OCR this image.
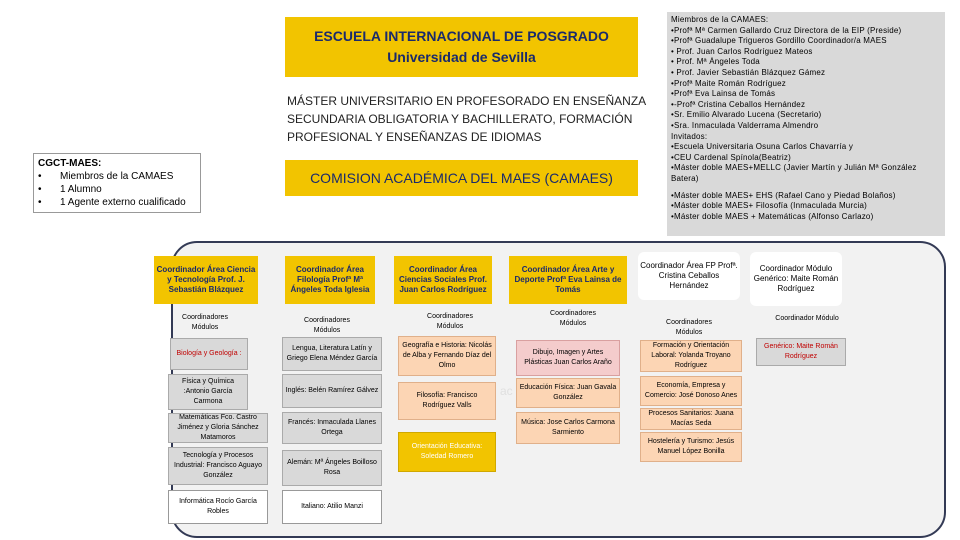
ESCUELA INTERNACIONAL DE POSGRADO
Universidad de Sevilla
MÁSTER UNIVERSITARIO EN PROFESORADO EN ENSEÑANZA
SECUNDARIA OBLIGATORIA Y BACHILLERATO, FORMACIÓN
PROFESIONAL Y ENSEÑANZAS DE IDIOMAS
COMISION ACADÉMICA DEL MAES (CAMAES)
CGCT-MAES:
•	Miembros de la CAMAES
•	1 Alumno
•	1 Agente externo cualificado
Miembros de la CAMAES:
•Profª Mª Carmen Gallardo Cruz Directora de la EIP (Preside)
•Profª Guadalupe Trigueros Gordillo Coordinador/a MAES
• Prof. Juan Carlos Rodríguez Mateos
• Prof. Mª Ángeles Toda
• Prof. Javier Sebastián Blázquez Gámez
•Profª Maite Román Rodríguez
•Profª Eva Lainsa de Tomás
•-Profª Cristina Ceballos Hernández
•Sr. Emilio Alvarado Lucena (Secretario)
•Sra. Inmaculada Valderrama Almendro
Invitados:
•Escuela Universitaria Osuna Carlos Chavarría y
•CEU Cardenal Spínola(Beatriz)
•Máster doble MAES+MELLC (Javier Martín y Julián Mª González
Batera)
•Máster doble MAES+ EHS (Rafael Cano y Piedad Bolaños)
•Máster doble MAES+ Filosofía (Inmaculada Murcia)
•Máster doble MAES + Matemáticas (Alfonso Carlazo)
Coordinador Área Ciencia y Tecnología Prof. J. Sebastián Blázquez
Coordinador Área Filología Profª Mª Ángeles Toda Iglesia
Coordinador Área Ciencias Sociales Prof. Juan Carlos Rodríguez
Coordinador Área Arte y Deporte Profª Eva Lainsa de Tomás
Coordinador Área FP Profª. Cristina Ceballos Hernández
Coordinador Módulo Genérico: Maite Román Rodríguez
Coordinadores Módulos
Coordinadores Módulos
Coordinadores Módulos
Coordinadores Módulos	Coordinadores Módulos
Coordinador Módulo
Biología y Geología :
Física y Química :Antonio García Carmona
Matemáticas Fco. Castro Jiménez y Gloria Sánchez Matamoros
Tecnología y Procesos Industrial: Francisco Aguayo González
Informática Rocío García Robles
Lengua, Literatura Latín y Griego Elena Méndez García
Inglés: Belén Ramírez Gálvez
Francés: Inmaculada Llanes Ortega
Alemán: Mª Ángeles Boilloso Rosa
Italiano: Atilio Manzi
Geografía e Historia: Nicolás de Alba y Fernando Díaz del Olmo
Filosofía: Francisco Rodríguez Valls
Orientación Educativa: Soledad Romero
ac
Dibujo, Imagen y Artes Plásticas Juan Carlos Araño
Educación Física: Juan Gavala González
Música: Jose Carlos Carmona Sarmiento
Formación y Orientación Laboral: Yolanda Troyano Rodríguez
Economía, Empresa y Comercio: José Donoso Anes
Procesos Sanitarios: Juana Macías Seda
Hostelería y Turismo: Jesús Manuel López Bonilla
Genérico: Maite Román Rodríguez
